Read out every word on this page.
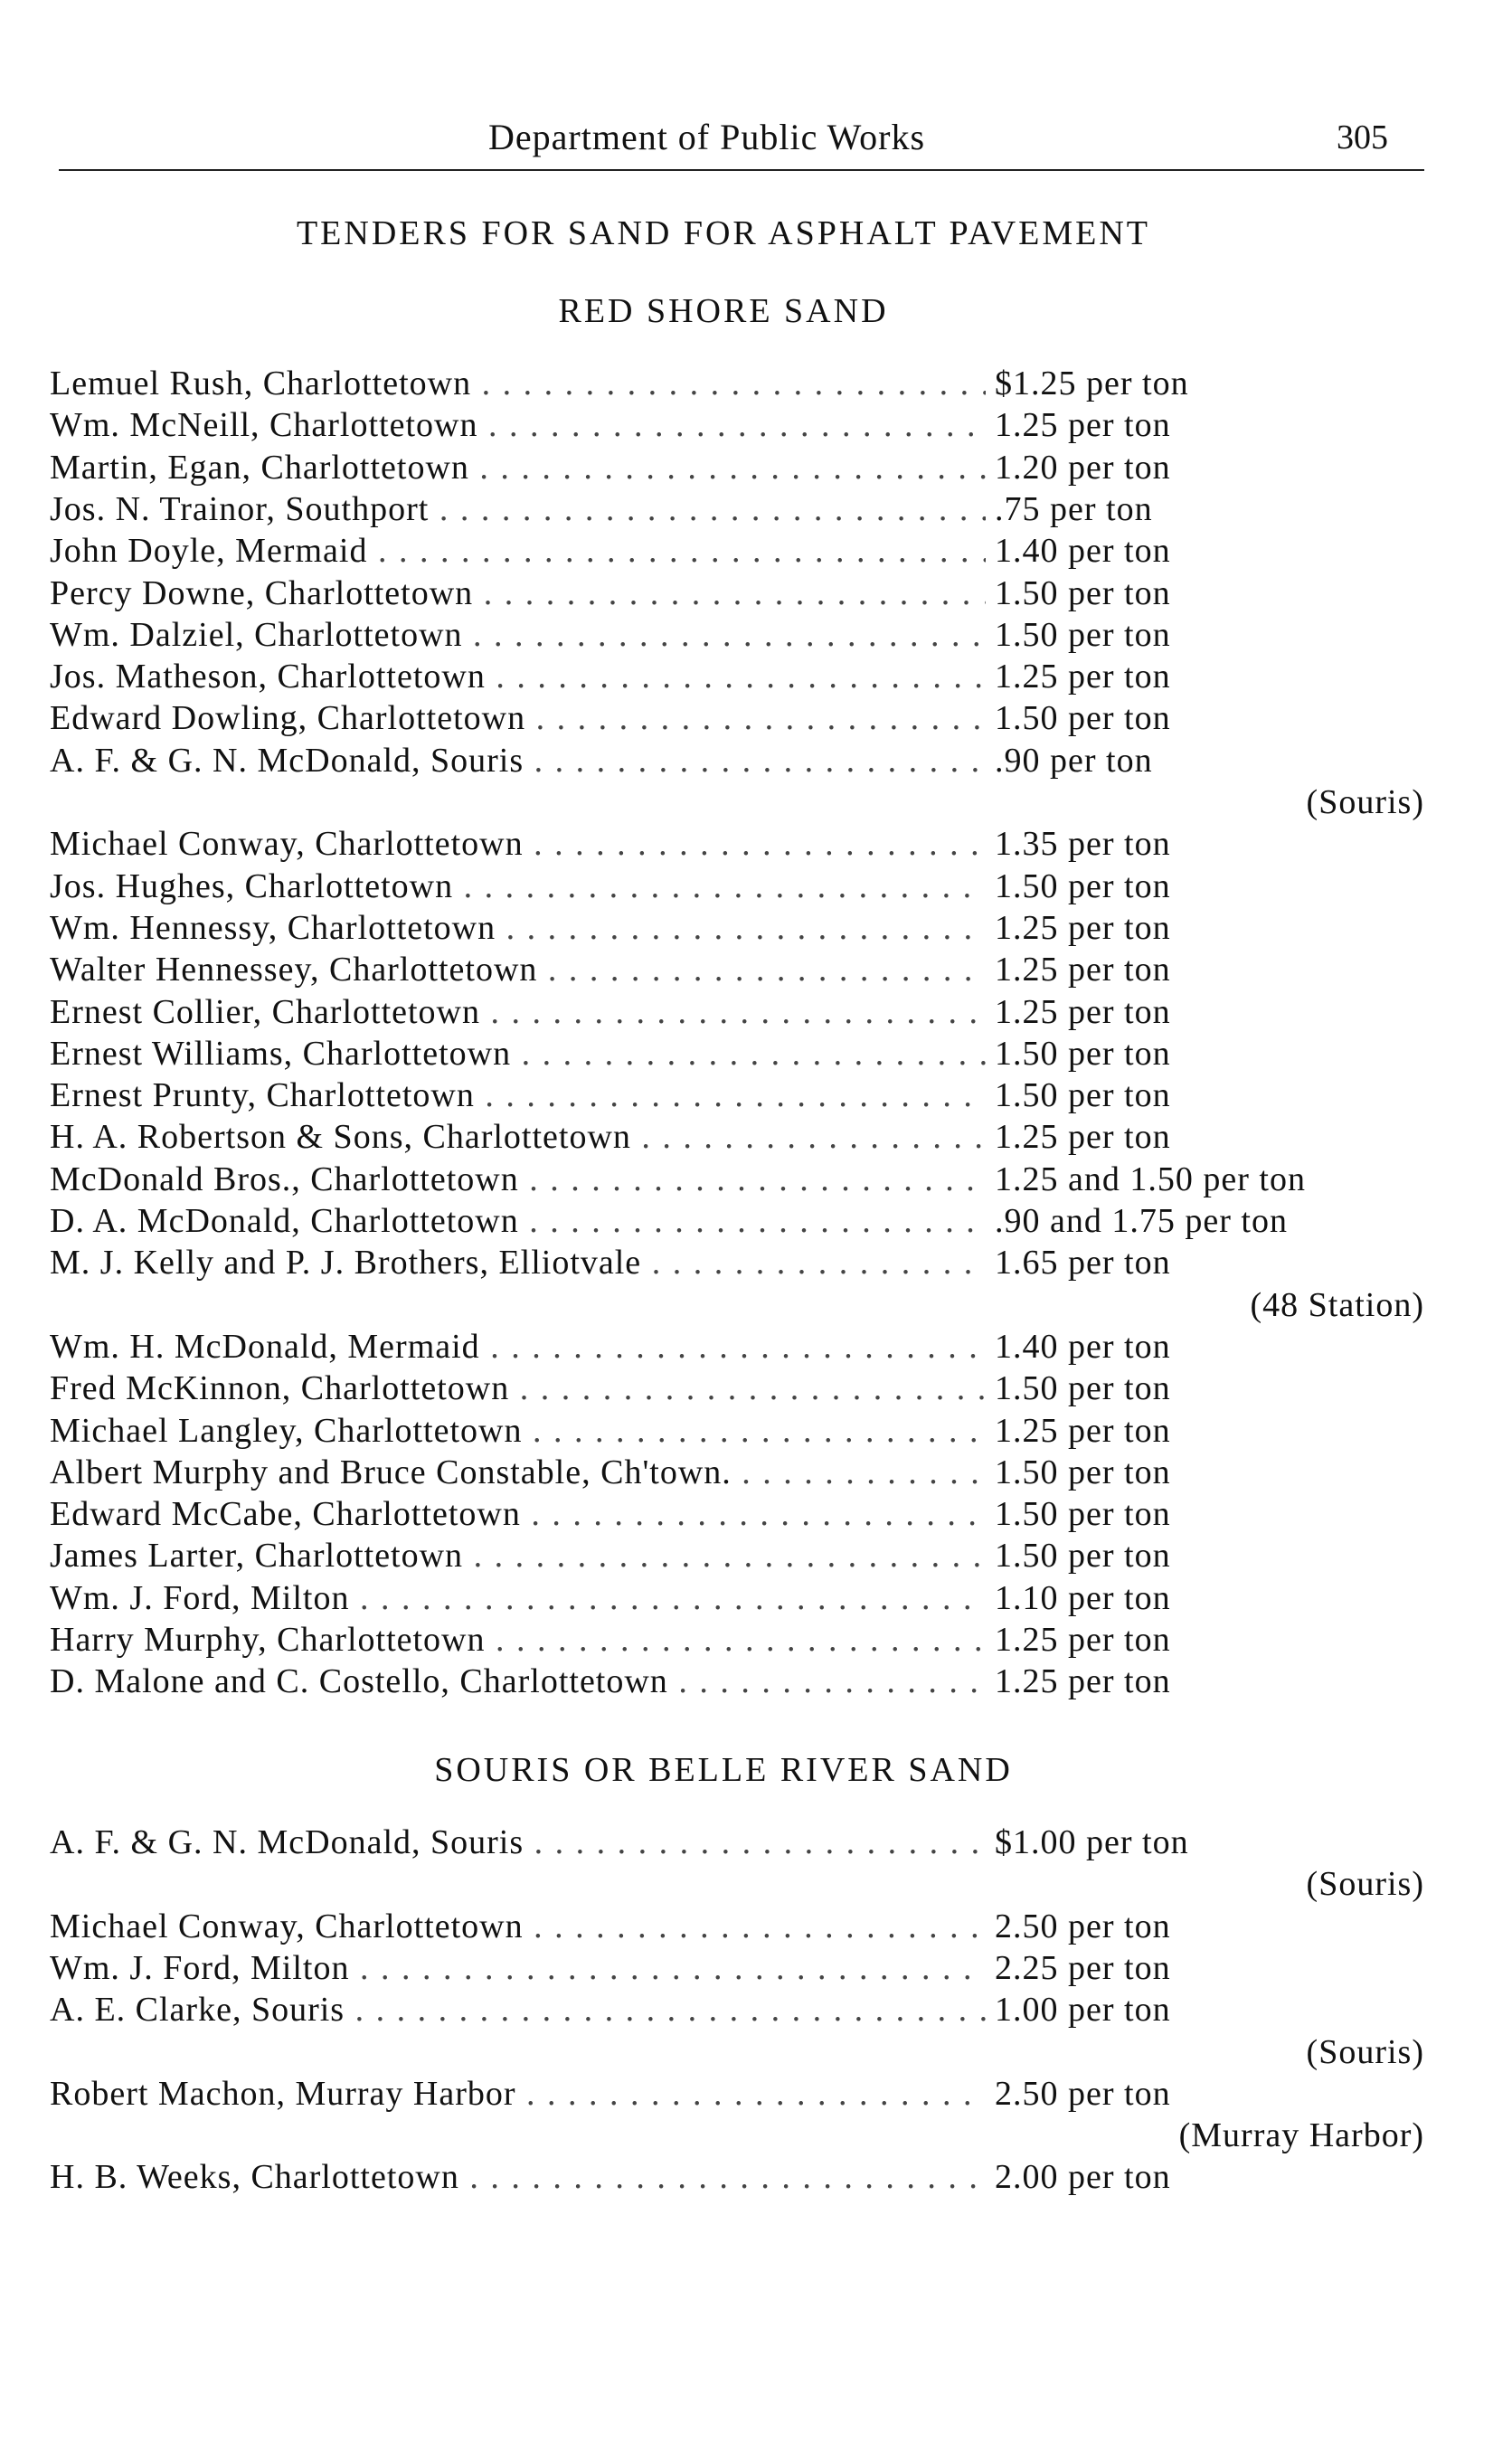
Department of Public Works	305
TENDERS FOR SAND FOR ASPHALT PAVEMENT
RED SHORE SAND
SOURIS OR BELLE RIVER SAND
Lemuel Rush, Charlottetown . . .	$1.25 per ton
Wm. McNeill, Charlottetown . . .	1.25 per ton
Martin, Egan, Charlottetown . . .	1.20 per ton
Jos. N. Trainor, Southport . . .	.75 per ton
John Doyle, Mermaid . . .	1.40 per ton
Percy Downe, Charlottetown . . .	1.50 per ton
Wm. Dalziel, Charlottetown . . .	1.50 per ton
Jos. Matheson, Charlottetown . . .	1.25 per ton
Edward Dowling, Charlottetown . . .	1.50 per ton
A. F. & G. N. McDonald, Souris . . .	.90 per ton
(Souris)
Michael Conway, Charlottetown . . .	1.35 per ton
Jos. Hughes, Charlottetown . . .	1.50 per ton
Wm. Hennessy, Charlottetown . . .	1.25 per ton
Walter Hennessey, Charlottetown . . .	1.25 per ton
Ernest Collier, Charlottetown . . .	1.25 per ton
Ernest Williams, Charlottetown . . .	1.50 per ton
Ernest Prunty, Charlottetown . . .	1.50 per ton
H. A. Robertson & Sons, Charlottetown . . .	1.25 per ton
McDonald Bros., Charlottetown . . .	1.25 and 1.50 per ton
D. A. McDonald, Charlottetown . . .	.90 and 1.75 per ton
M. J. Kelly and P. J. Brothers, Elliotvale . . .	1.65 per ton
(48 Station)
Wm. H. McDonald, Mermaid . . .	1.40 per ton
Fred McKinnon, Charlottetown . . .	1.50 per ton
Michael Langley, Charlottetown . . .	1.25 per ton
Albert Murphy and Bruce Constable, Ch'town. . . .	1.50 per ton
Edward McCabe, Charlottetown . . .	1.50 per ton
James Larter, Charlottetown . . .	1.50 per ton
Wm. J. Ford, Milton . . .	1.10 per ton
Harry Murphy, Charlottetown . . .	1.25 per ton
D. Malone and C. Costello, Charlottetown . . .	1.25 per ton
A. F. & G. N. McDonald, Souris . . .	$1.00 per ton
(Souris)
Michael Conway, Charlottetown . . .	2.50 per ton
Wm. J. Ford, Milton . . .	2.25 per ton
A. E. Clarke, Souris . . .	1.00 per ton
(Souris)
Robert Machon, Murray Harbor . . .	2.50 per ton
(Murray Harbor)
H. B. Weeks, Charlottetown . . .	2.00 per ton
